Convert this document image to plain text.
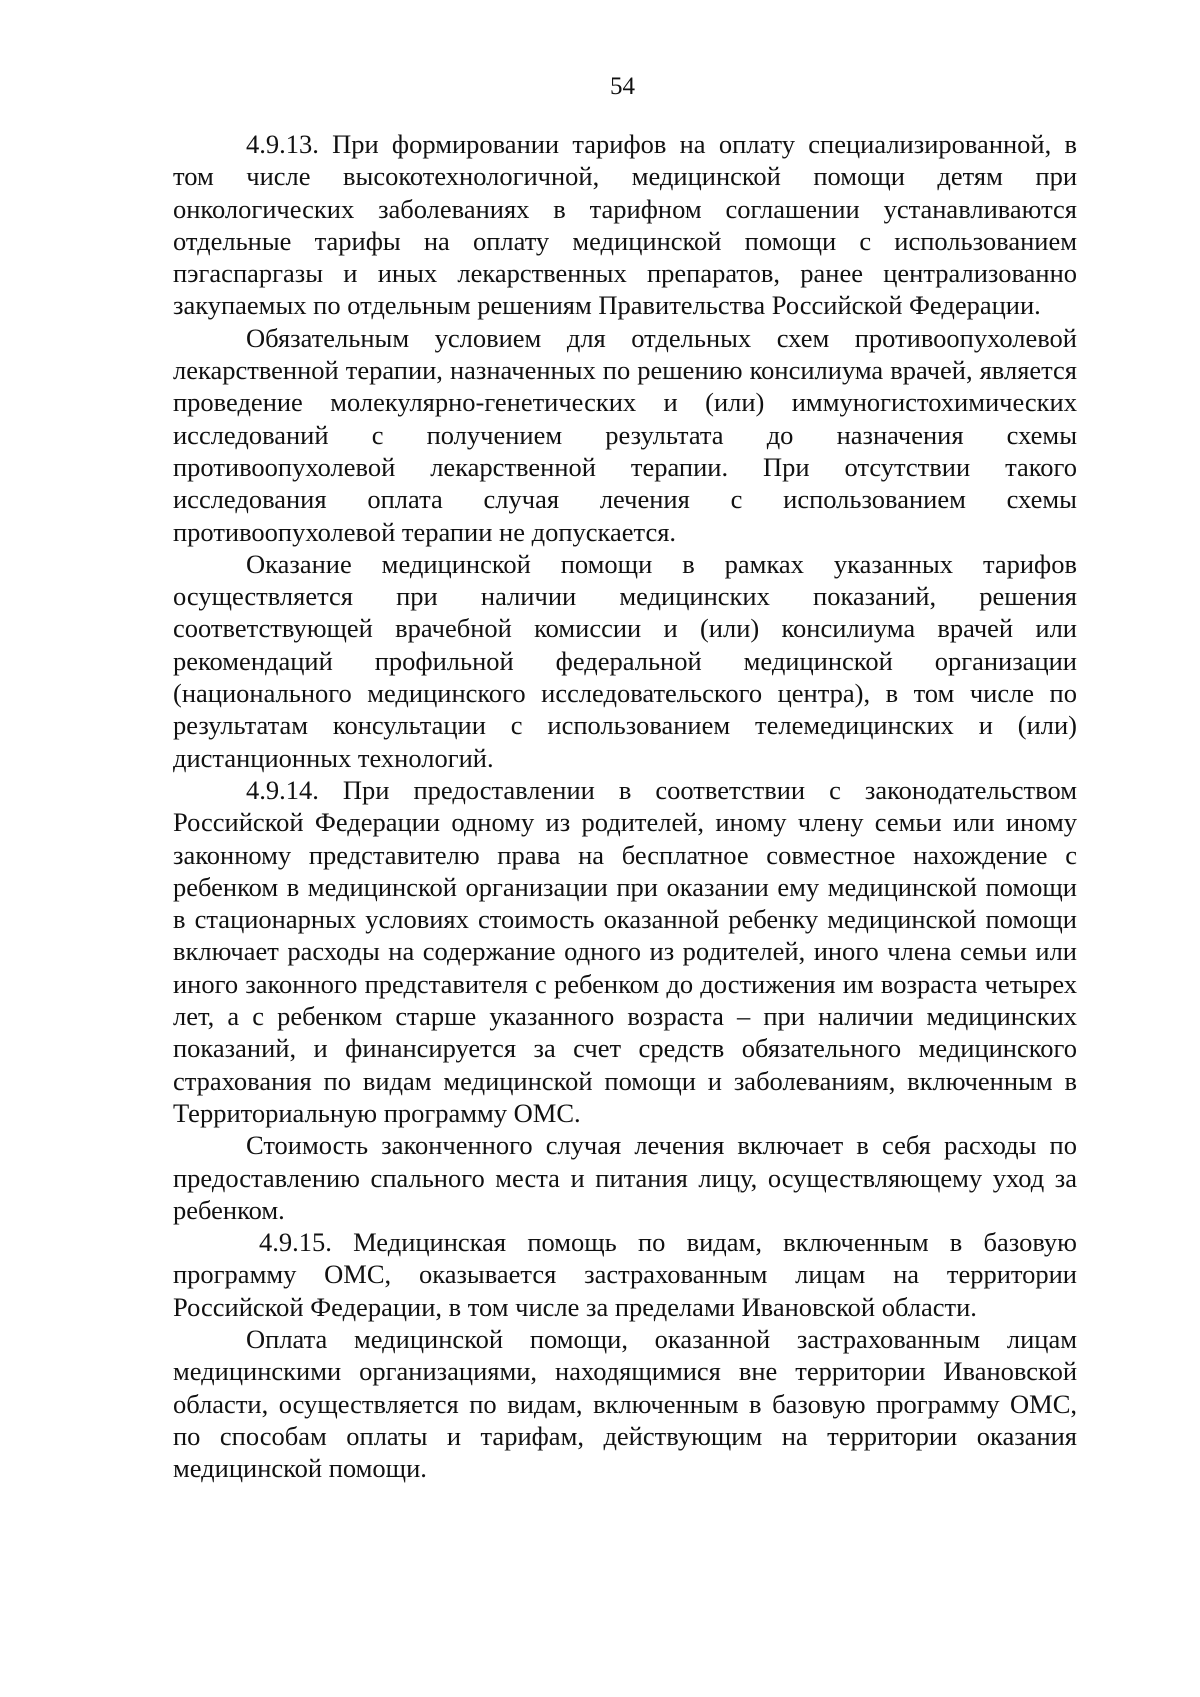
54

4.9.13. При формировании тарифов на оплату специализированной, в том числе высокотехнологичной, медицинской помощи детям при онкологических заболеваниях в тарифном соглашении устанавливаются отдельные тарифы на оплату медицинской помощи с использованием пэгаспаргазы и иных лекарственных препаратов, ранее централизованно закупаемых по отдельным решениям Правительства Российской Федерации.

Обязательным условием для отдельных схем противоопухолевой лекарственной терапии, назначенных по решению консилиума врачей, является проведение молекулярно-генетических и (или) иммуногистохимических исследований с получением результата до назначения схемы противоопухолевой лекарственной терапии. При отсутствии такого исследования оплата случая лечения с использованием схемы противоопухолевой терапии не допускается.

Оказание медицинской помощи в рамках указанных тарифов осуществляется при наличии медицинских показаний, решения соответствующей врачебной комиссии и (или) консилиума врачей или рекомендаций профильной федеральной медицинской организации (национального медицинского исследовательского центра), в том числе по результатам консультации с использованием телемедицинских и (или) дистанционных технологий.

4.9.14. При предоставлении в соответствии с законодательством Российской Федерации одному из родителей, иному члену семьи или иному законному представителю права на бесплатное совместное нахождение с ребенком в медицинской организации при оказании ему медицинской помощи в стационарных условиях стоимость оказанной ребенку медицинской помощи включает расходы на содержание одного из родителей, иного члена семьи или иного законного представителя с ребенком до достижения им возраста четырех лет, а с ребенком старше указанного возраста – при наличии медицинских показаний, и финансируется за счет средств обязательного медицинского страхования по видам медицинской помощи и заболеваниям, включенным в Территориальную программу ОМС.

Стоимость законченного случая лечения включает в себя расходы по предоставлению спального места и питания лицу, осуществляющему уход за ребенком.

4.9.15. Медицинская помощь по видам, включенным в базовую программу ОМС, оказывается застрахованным лицам на территории Российской Федерации, в том числе за пределами Ивановской области.

Оплата медицинской помощи, оказанной застрахованным лицам медицинскими организациями, находящимися вне территории Ивановской области, осуществляется по видам, включенным в базовую программу ОМС, по способам оплаты и тарифам, действующим на территории оказания медицинской помощи.
